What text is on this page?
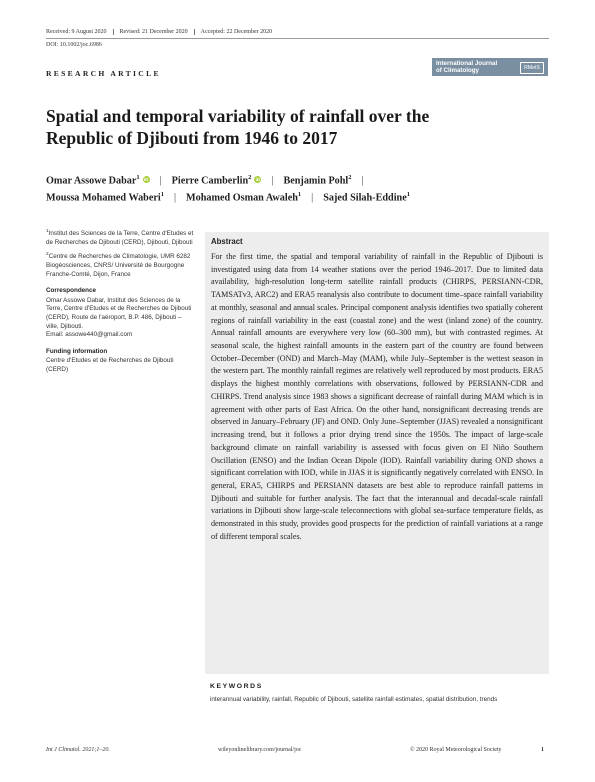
Received: 9 August 2020	Revised: 21 December 2020	Accepted: 22 December 2020
DOI: 10.1002/joc.6986
RESEARCH ARTICLE
International Journal
of Climatology	RMetS
Spatial and temporal variability of rainfall over the
Republic of Djibouti from 1946 to 2017
Omar Assowe Dabar$^1$ iD | Pierre Camberlin$^2$ iD | Benjamin Pohl$^2$ |
Moussa Mohamed Waberi$^1$ | Mohamed Osman Awaleh$^1$ | Sajed Silah-Eddine$^1$

$^1$Institut des Sciences de la Terre, Centre d'Etudes et de Recherches de Djibouti (CERD), Djibouti, Djibouti

$^2$Centre de Recherches de Climatologie, UMR 6282 Biogéosciences, CNRS/ Université de Bourgogne Franche-Comté, Dijon, France

Correspondence

Omar Assowe Dabar, Institut des Sciences de la Terre, Centre d'Etudes et de Recherches de Djibouti (CERD), Route de l'aéroport, B.P. 486, Djibouti – ville, Djibouti.
Email: assowe440@gmail.com

Funding information

Centre d'Etudes et de Recherches de Djibouti (CERD)

Abstract
For the first time, the spatial and temporal variability of rainfall in the Republic of Djibouti is investigated using data from 14 weather stations over the period 1946–2017. Due to limited data availability, high-resolution long-term satellite rainfall products (CHIRPS, PERSIANN-CDR, TAMSATv3, ARC2) and ERA5 reanalysis also contribute to document time–space rainfall variability at monthly, seasonal and annual scales. Principal component analysis identifies two spatially coherent regions of rainfall variability in the east (coastal zone) and the west (inland zone) of the country. Annual rainfall amounts are everywhere very low (60–300 mm), but with contrasted regimes. At seasonal scale, the highest rainfall amounts in the eastern part of the country are found between October–December (OND) and March–May (MAM), while July–September is the wettest season in the western part. The monthly rainfall regimes are relatively well reproduced by most products. ERA5 displays the highest monthly correlations with observations, followed by PERSIANN-CDR and CHIRPS. Trend analysis since 1983 shows a significant decrease of rainfall during MAM which is in agreement with other parts of East Africa. On the other hand, nonsignificant decreasing trends are observed in January–February (JF) and OND. Only June–September (JJAS) revealed a nonsignificant increasing trend, but it follows a prior drying trend since the 1950s. The impact of large-scale background climate on rainfall variability is assessed with focus given on El Niño Southern Oscillation (ENSO) and the Indian Ocean Dipole (IOD). Rainfall variability during OND shows a significant correlation with IOD, while in JJAS it is significantly negatively correlated with ENSO. In general, ERA5, CHIRPS and PERSIANN datasets are best able to reproduce rainfall patterns in Djibouti and suitable for further analysis. The fact that the interannual and decadal-scale rainfall variations in Djibouti show large-scale teleconnections with global sea-surface temperature fields, as demonstrated in this study, provides good prospects for the prediction of rainfall variations at a range of different temporal scales.
KEYWORDS
interannual variability, rainfall, Republic of Djibouti, satellite rainfall estimates, spatial distribution, trends
Int J Climatol. 2021;1–20.	wileyonlinelibrary.com/journal/joc	© 2020 Royal Meteorological Society	1
